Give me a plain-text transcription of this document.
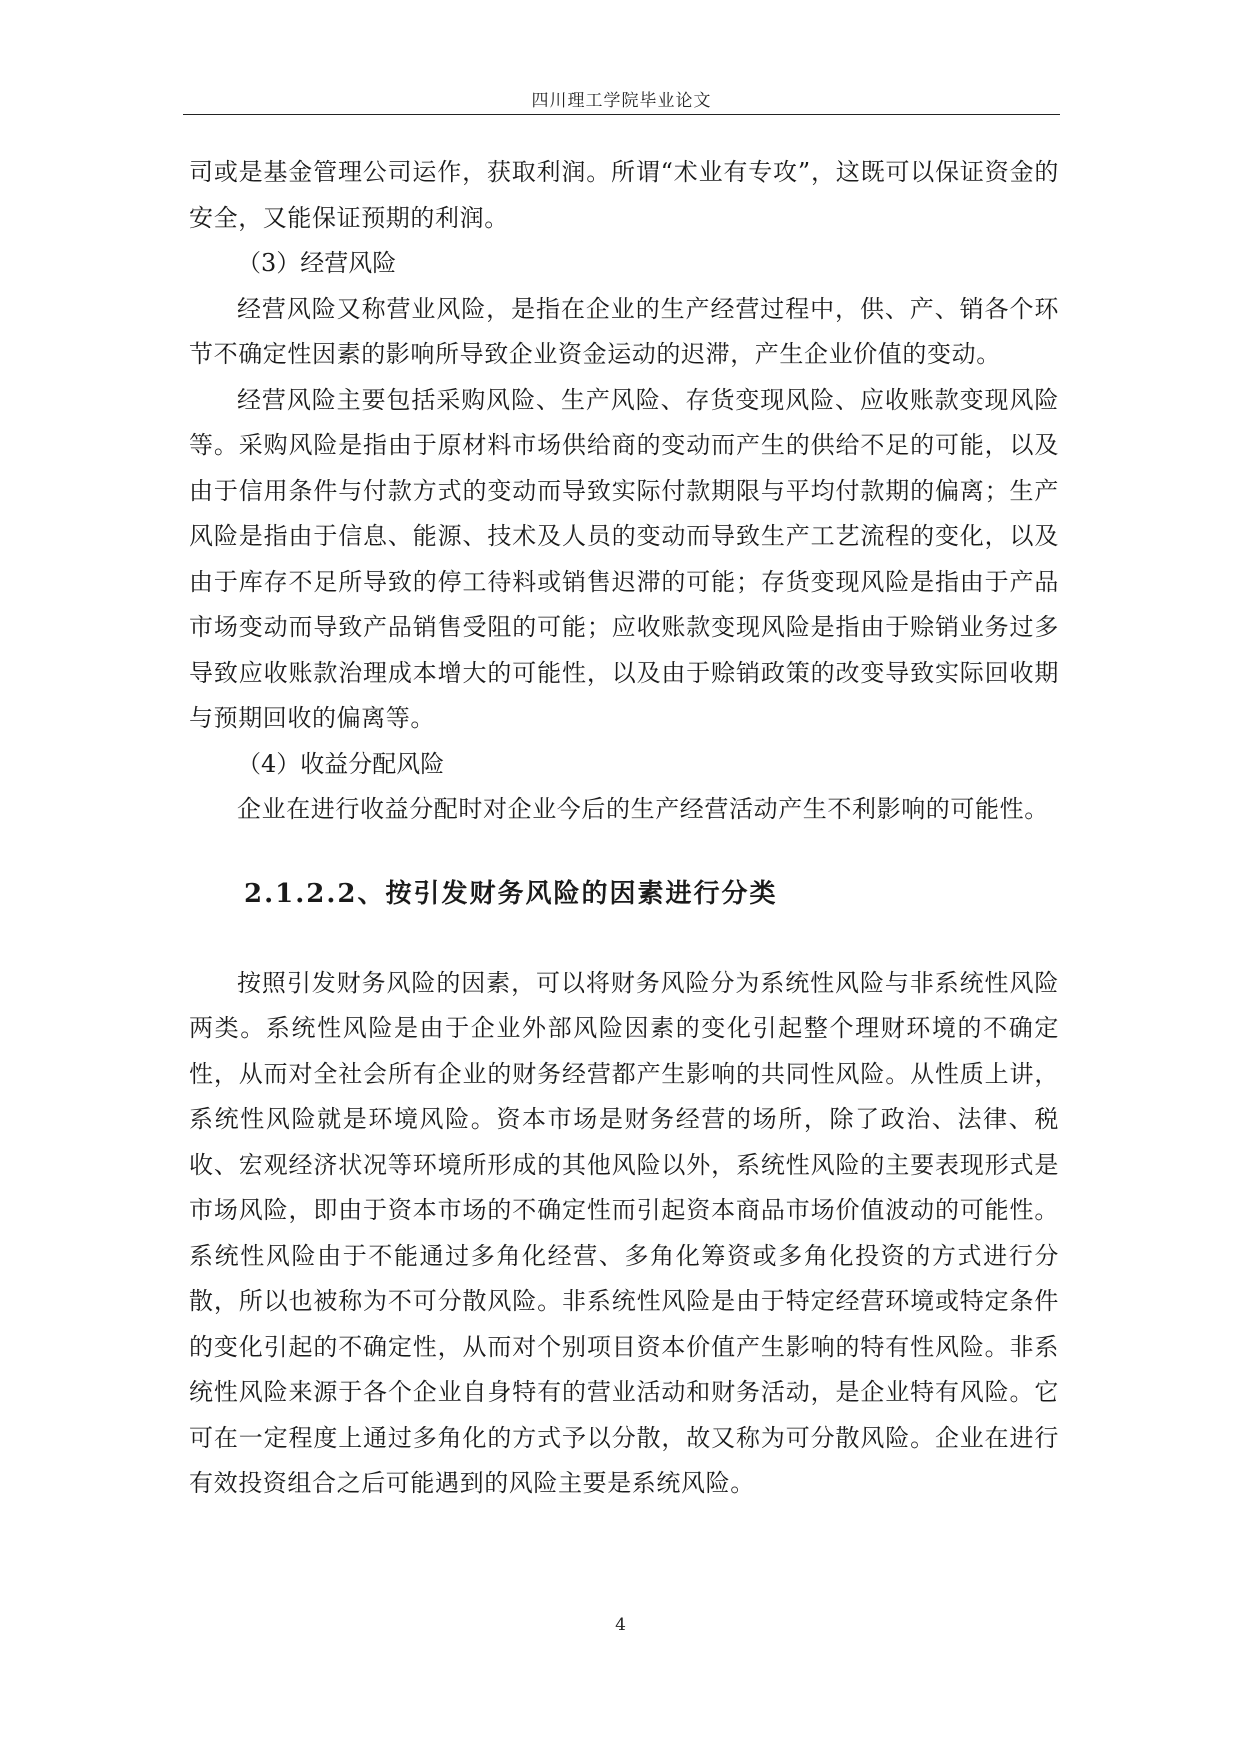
四川理工学院毕业论文

司或是基金管理公司运作，获取利润。所谓“术业有专攻”，这既可以保证资金的安全，又能保证预期的利润。

（3）经营风险

经营风险又称营业风险，是指在企业的生产经营过程中，供、产、销各个环节不确定性因素的影响所导致企业资金运动的迟滞，产生企业价值的变动。

经营风险主要包括采购风险、生产风险、存货变现风险、应收账款变现风险等。采购风险是指由于原材料市场供给商的变动而产生的供给不足的可能，以及由于信用条件与付款方式的变动而导致实际付款期限与平均付款期的偏离；生产风险是指由于信息、能源、技术及人员的变动而导致生产工艺流程的变化，以及由于库存不足所导致的停工待料或销售迟滞的可能；存货变现风险是指由于产品市场变动而导致产品销售受阻的可能；应收账款变现风险是指由于赊销业务过多导致应收账款治理成本增大的可能性，以及由于赊销政策的改变导致实际回收期与预期回收的偏离等。

（4）收益分配风险

企业在进行收益分配时对企业今后的生产经营活动产生不利影响的可能性。

2.1.2.2、按引发财务风险的因素进行分类

按照引发财务风险的因素，可以将财务风险分为系统性风险与非系统性风险两类。系统性风险是由于企业外部风险因素的变化引起整个理财环境的不确定性，从而对全社会所有企业的财务经营都产生影响的共同性风险。从性质上讲，系统性风险就是环境风险。资本市场是财务经营的场所，除了政治、法律、税收、宏观经济状况等环境所形成的其他风险以外，系统性风险的主要表现形式是市场风险，即由于资本市场的不确定性而引起资本商品市场价值波动的可能性。系统性风险由于不能通过多角化经营、多角化筹资或多角化投资的方式进行分散，所以也被称为不可分散风险。非系统性风险是由于特定经营环境或特定条件的变化引起的不确定性，从而对个别项目资本价值产生影响的特有性风险。非系统性风险来源于各个企业自身特有的营业活动和财务活动，是企业特有风险。它可在一定程度上通过多角化的方式予以分散，故又称为可分散风险。企业在进行有效投资组合之后可能遇到的风险主要是系统风险。

4
